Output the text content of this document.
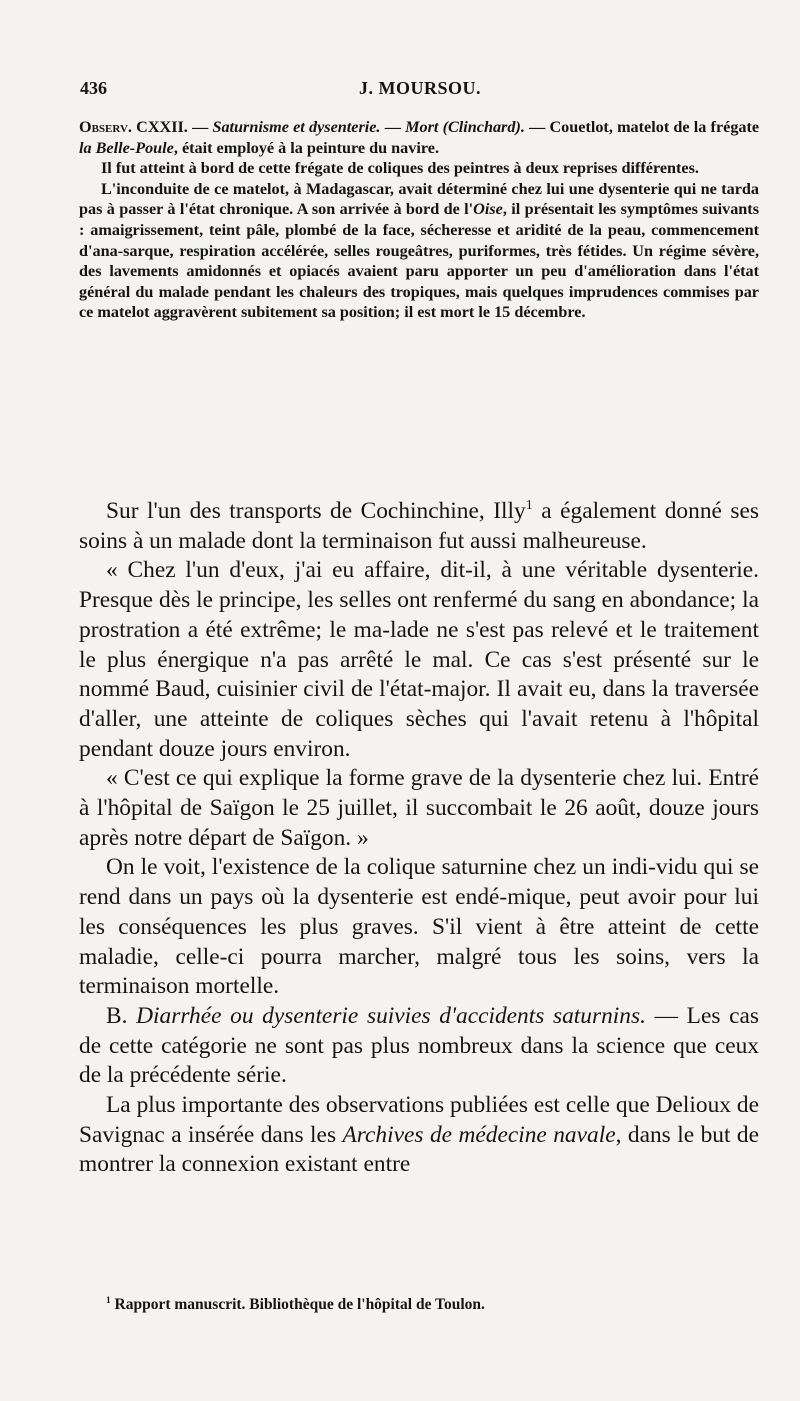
436	J. MOURSOU.

Observ. CXXII. — Saturnisme et dysenterie. — Mort (Clinchard). — Couetlot, matelot de la frégate la Belle-Poule, était employé à la peinture du navire.

Il fut atteint à bord de cette frégate de coliques des peintres à deux reprises différentes.

L'inconduite de ce matelot, à Madagascar, avait déterminé chez lui une dysenterie qui ne tarda pas à passer à l'état chronique. A son arrivée à bord de l'Oise, il présentait les symptômes suivants : amaigrissement, teint pâle, plombé de la face, sécheresse et aridité de la peau, commencement d'ana-sarque, respiration accélérée, selles rougeâtres, puriformes, très fétides. Un régime sévère, des lavements amidonnés et opiacés avaient paru apporter un peu d'amélioration dans l'état général du malade pendant les chaleurs des tropiques, mais quelques imprudences commises par ce matelot aggravèrent subitement sa position; il est mort le 15 décembre.

Sur l'un des transports de Cochinchine, Illy$^1$ a également donné ses soins à un malade dont la terminaison fut aussi malheureuse.

« Chez l'un d'eux, j'ai eu affaire, dit-il, à une véritable dysenterie. Presque dès le principe, les selles ont renfermé du sang en abondance; la prostration a été extrême; le ma-lade ne s'est pas relevé et le traitement le plus énergique n'a pas arrêté le mal. Ce cas s'est présenté sur le nommé Baud, cuisinier civil de l'état-major. Il avait eu, dans la traversée d'aller, une atteinte de coliques sèches qui l'avait retenu à l'hôpital pendant douze jours environ.

« C'est ce qui explique la forme grave de la dysenterie chez lui. Entré à l'hôpital de Saïgon le 25 juillet, il succombait le 26 août, douze jours après notre départ de Saïgon. »

On le voit, l'existence de la colique saturnine chez un indi-vidu qui se rend dans un pays où la dysenterie est endé-mique, peut avoir pour lui les conséquences les plus graves. S'il vient à être atteint de cette maladie, celle-ci pourra marcher, malgré tous les soins, vers la terminaison mortelle.

B. Diarrhée ou dysenterie suivies d'accidents saturnins. — Les cas de cette catégorie ne sont pas plus nombreux dans la science que ceux de la précédente série.

La plus importante des observations publiées est celle que Delioux de Savignac a insérée dans les Archives de médecine navale, dans le but de montrer la connexion existant entre

$^1$ Rapport manuscrit. Bibliothèque de l'hôpital de Toulon.
